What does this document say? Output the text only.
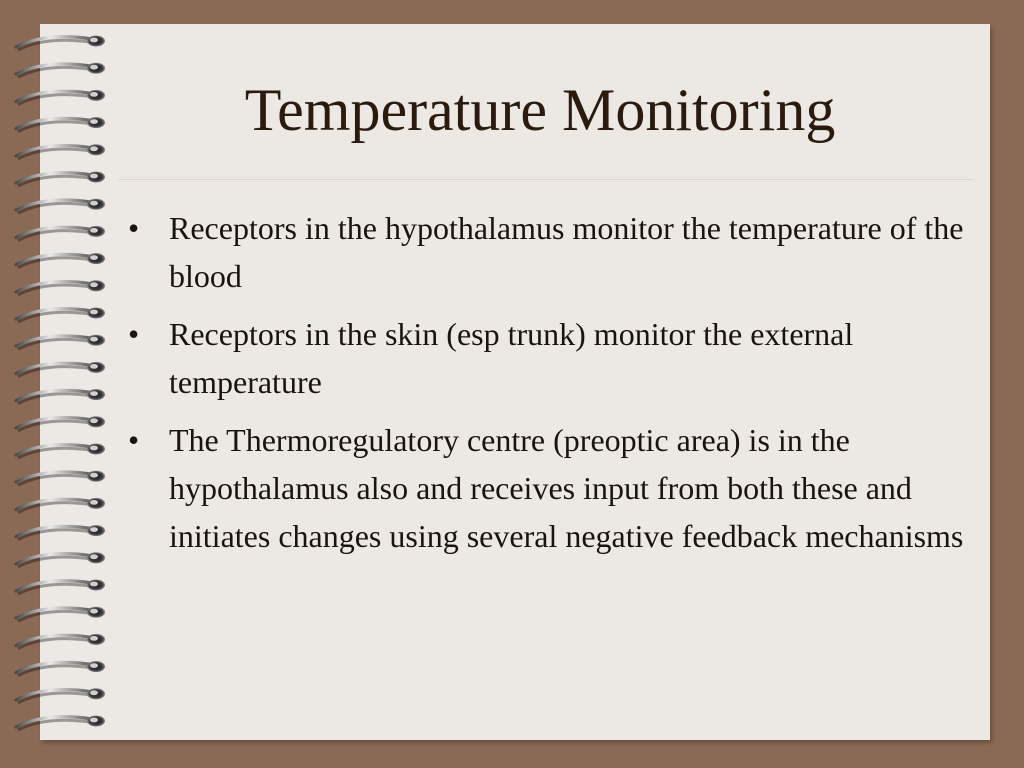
Temperature Monitoring
• Receptors in the hypothalamus monitor the temperature of the blood
• Receptors in the skin (esp trunk) monitor the external temperature
• The Thermoregulatory centre (preoptic area) is in the hypothalamus also and receives input from both these and initiates changes using several negative feedback mechanisms
